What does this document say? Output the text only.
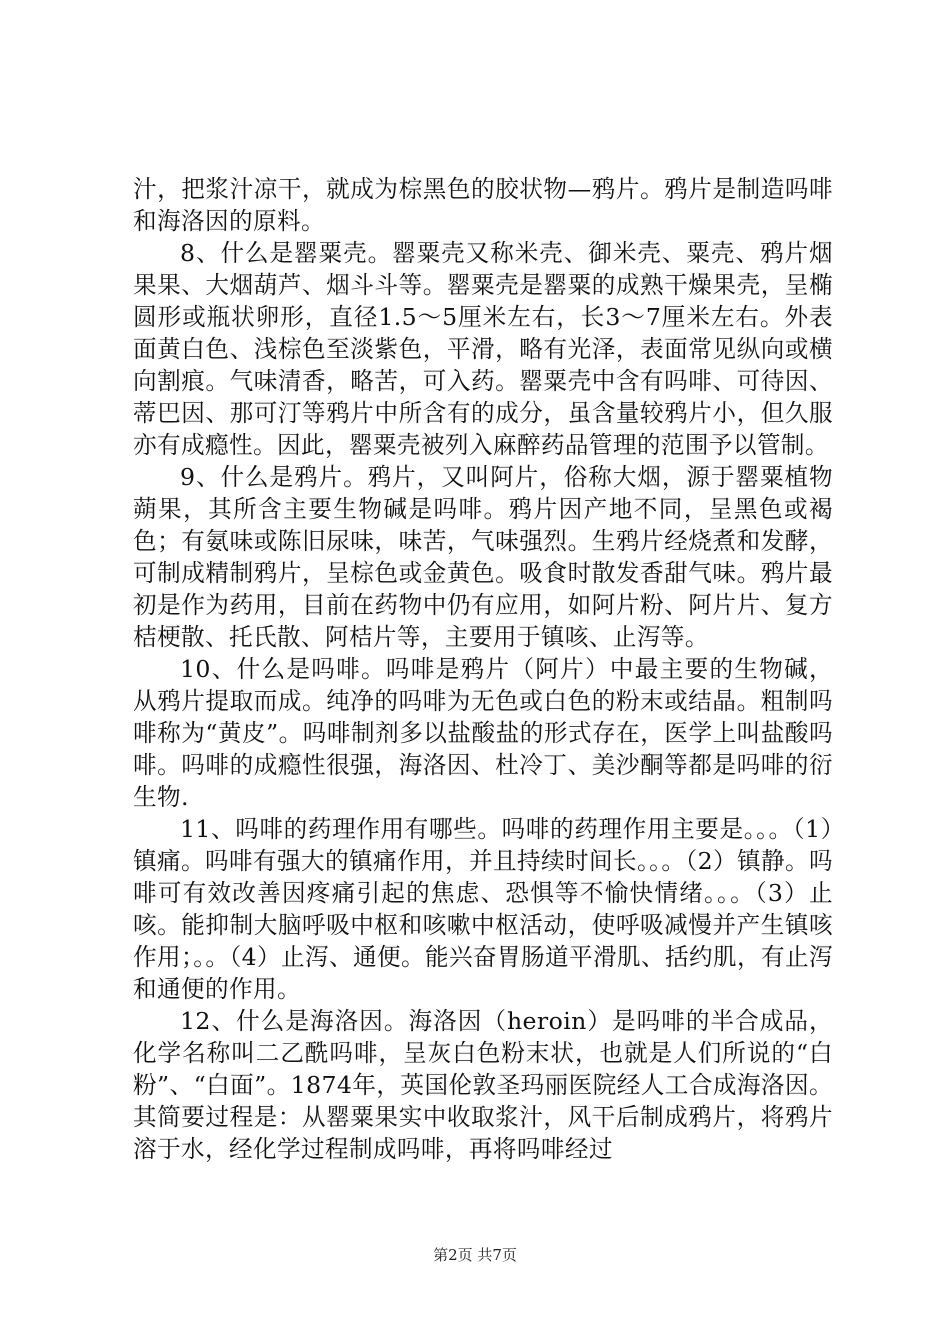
汁，把浆汁凉干，就成为棕黑色的胶状物—鸦片。鸦片是制造吗啡和海洛因的原料。

8、什么是罂粟壳。罂粟壳又称米壳、御米壳、粟壳、鸦片烟果果、大烟葫芦、烟斗斗等。罂粟壳是罂粟的成熟干燥果壳，呈椭圆形或瓶状卵形，直径1.5～5厘米左右，长3～7厘米左右。外表面黄白色、浅棕色至淡紫色，平滑，略有光泽，表面常见纵向或横向割痕。气味清香，略苦，可入药。罂粟壳中含有吗啡、可待因、蒂巴因、那可汀等鸦片中所含有的成分，虽含量较鸦片小，但久服亦有成瘾性。因此，罂粟壳被列入麻醉药品管理的范围予以管制。

9、什么是鸦片。鸦片，又叫阿片，俗称大烟，源于罂粟植物蒴果，其所含主要生物碱是吗啡。鸦片因产地不同，呈黑色或褐色；有氨味或陈旧尿味，味苦，气味强烈。生鸦片经烧煮和发酵，可制成精制鸦片，呈棕色或金黄色。吸食时散发香甜气味。鸦片最初是作为药用，目前在药物中仍有应用，如阿片粉、阿片片、复方桔梗散、托氏散、阿桔片等，主要用于镇咳、止泻等。

10、什么是吗啡。吗啡是鸦片（阿片）中最主要的生物碱，从鸦片提取而成。纯净的吗啡为无色或白色的粉末或结晶。粗制吗啡称为“黄皮”。吗啡制剂多以盐酸盐的形式存在，医学上叫盐酸吗啡。吗啡的成瘾性很强，海洛因、杜冷丁、美沙酮等都是吗啡的衍生物.

11、吗啡的药理作用有哪些。吗啡的药理作用主要是。。。（1）镇痛。吗啡有强大的镇痛作用，并且持续时间长。。。（2）镇静。吗啡可有效改善因疼痛引起的焦虑、恐惧等不愉快情绪。。。（3）止咳。能抑制大脑呼吸中枢和咳嗽中枢活动，使呼吸减慢并产生镇咳作用；。。（4）止泻、通便。能兴奋胃肠道平滑肌、括约肌，有止泻和通便的作用。

12、什么是海洛因。海洛因（heroin）是吗啡的半合成品，化学名称叫二乙酰吗啡，呈灰白色粉末状，也就是人们所说的“白粉”、“白面”。1874年，英国伦敦圣玛丽医院经人工合成海洛因。其简要过程是：从罂粟果实中收取浆汁，风干后制成鸦片，将鸦片溶于水，经化学过程制成吗啡，再将吗啡经过

第2页 共7页
